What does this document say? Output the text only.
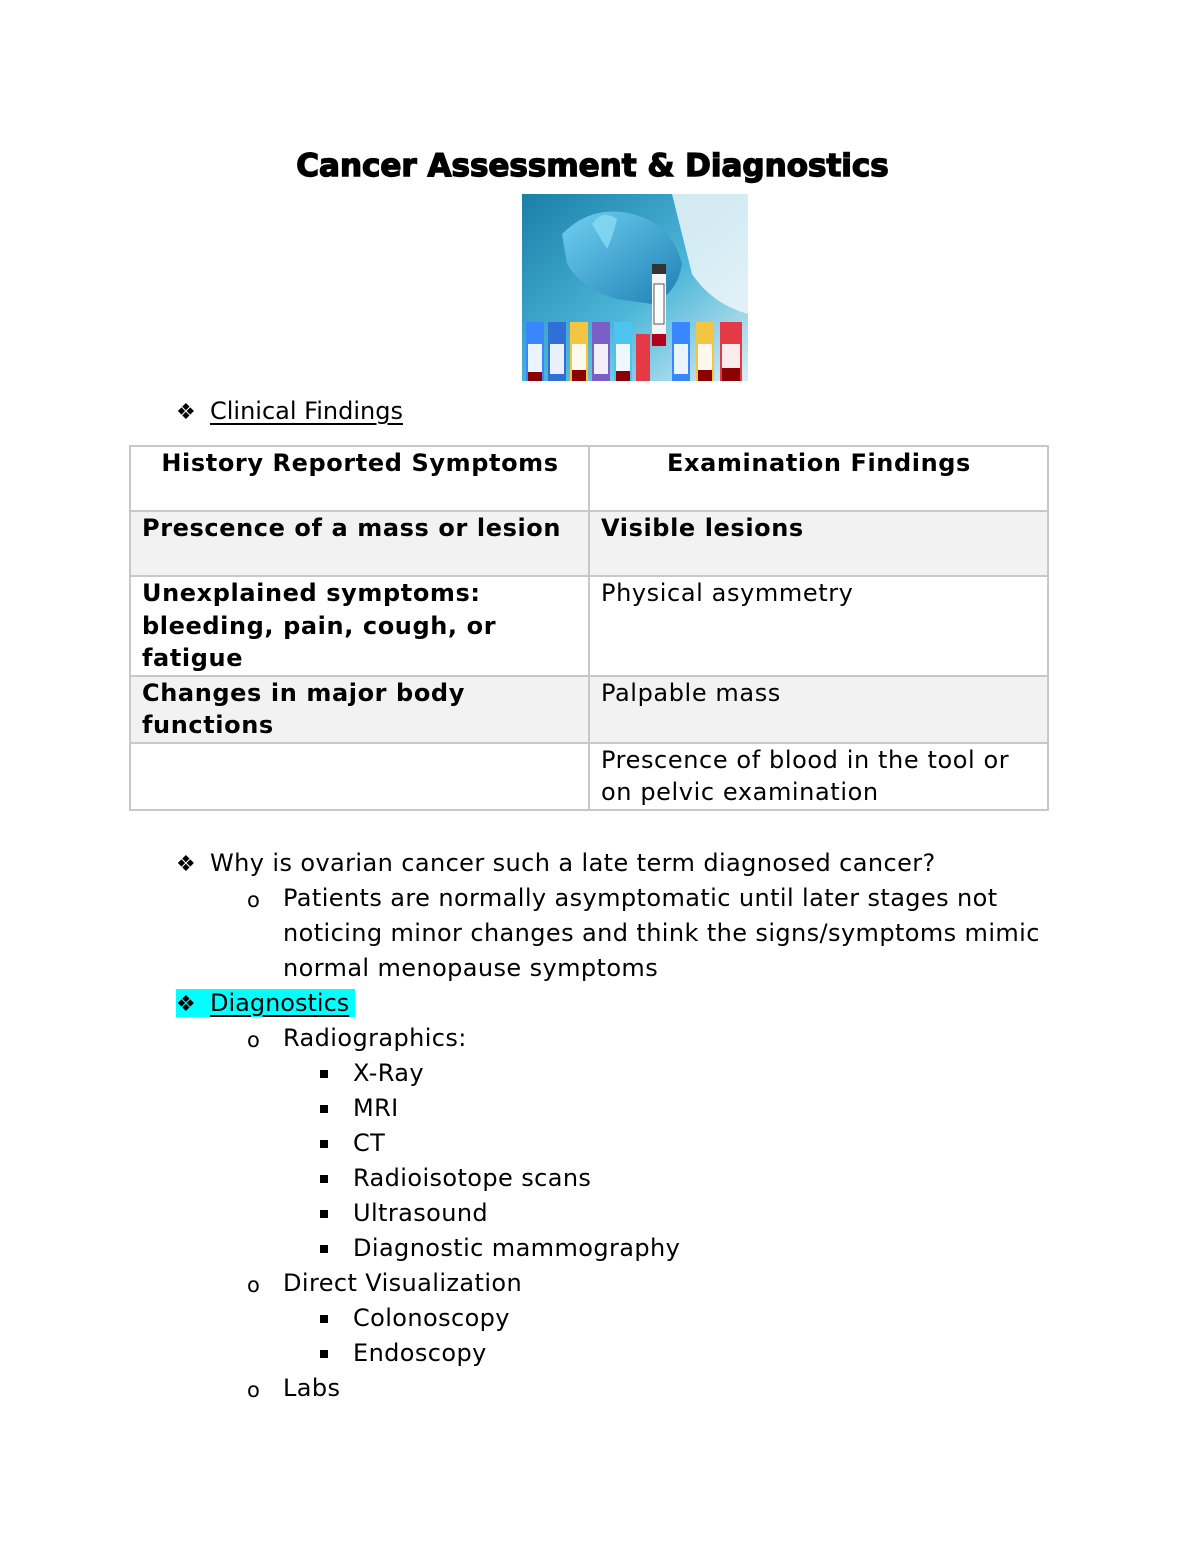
Cancer Assessment & Diagnostics
❖ Clinical Findings
History Reported Symptoms	Examination Findings
Prescence of a mass or lesion	Visible lesions
Unexplained symptoms: bleeding, pain, cough, or fatigue	Physical asymmetry
Changes in major body functions	Palpable mass
	Prescence of blood in the tool or on pelvic examination
❖ Why is ovarian cancer such a late term diagnosed cancer?
o Patients are normally asymptomatic until later stages not noticing minor changes and think the signs/symptoms mimic normal menopause symptoms
❖ Diagnostics
o Radiographics:
X-Ray
MRI
CT
Radioisotope scans
Ultrasound
Diagnostic mammography
o Direct Visualization
Colonoscopy
Endoscopy
o Labs
